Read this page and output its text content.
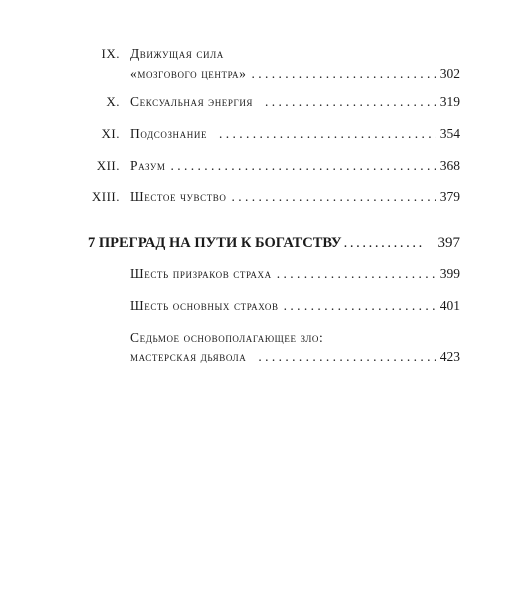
IX. Движущая сила
«мозгового центра» . . .	302
X. Сексуальная энергия . . .	319
XI. Подсознание . . .	354
XII. Разум . . .	368
XIII. Шестое чувство . . .	379
7 ПРЕГРАД НА ПУТИ К БОГАТСТВУ . . .	397
Шесть призраков страха . . .	399
Шесть основных страхов . . .	401
Седьмое основополагающее зло:
мастерская дьявола . . .	423
